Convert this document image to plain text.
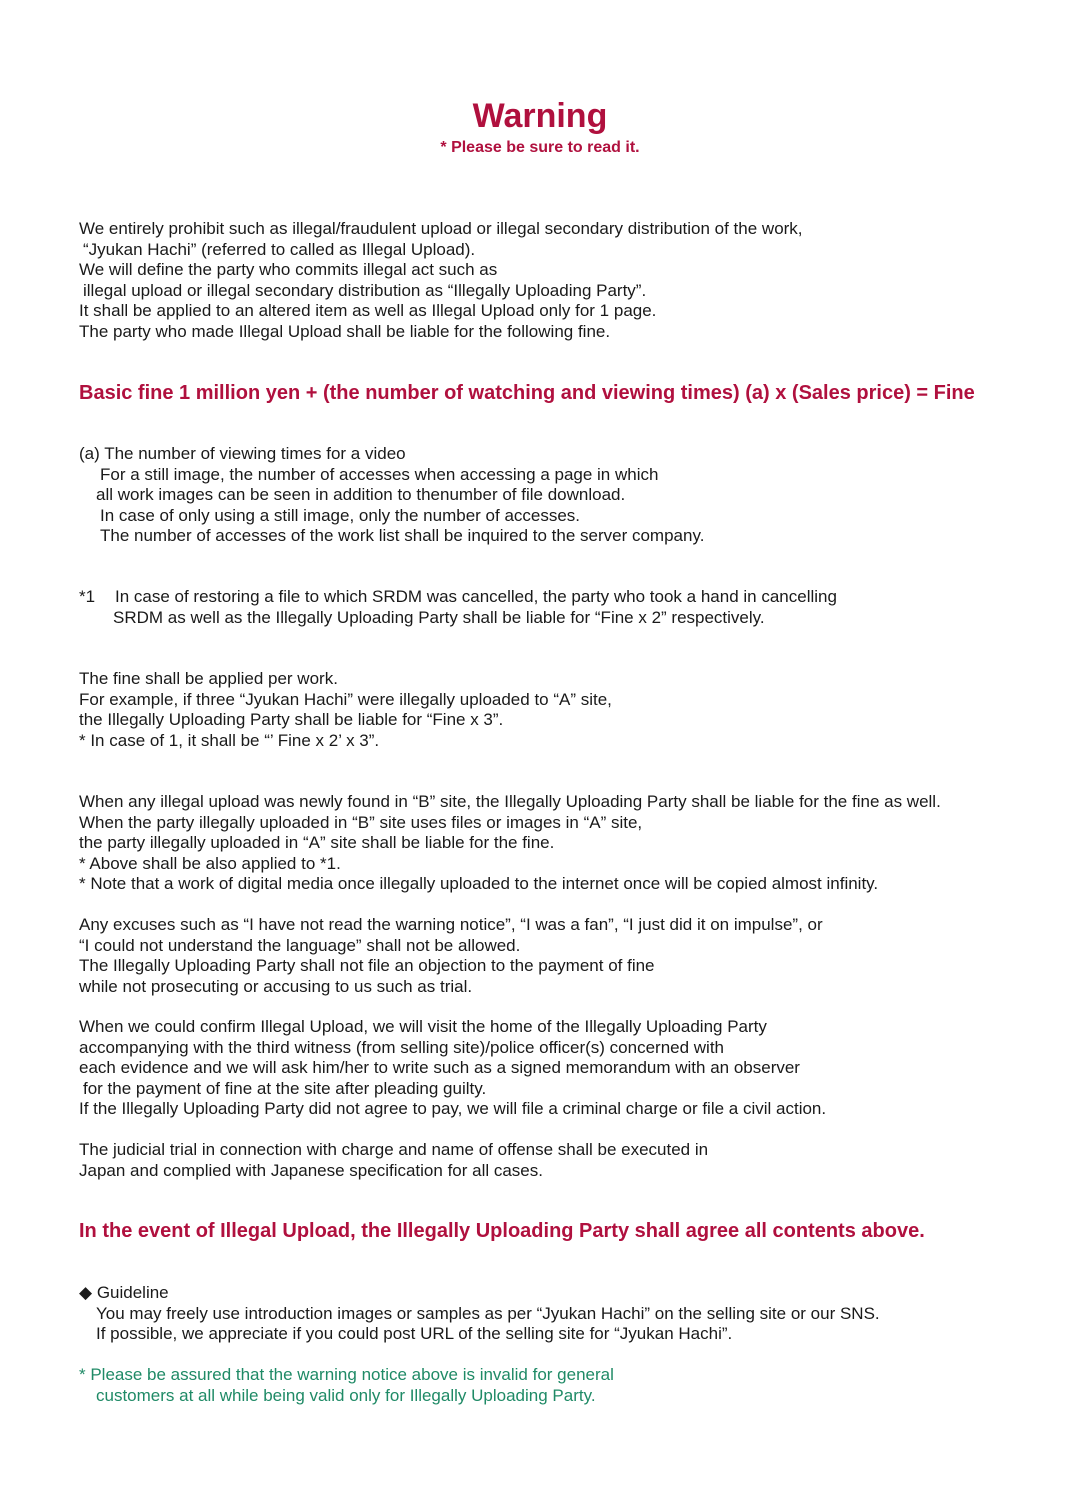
Warning
* Please be sure to read it.
We entirely prohibit such as illegal/fraudulent upload or illegal secondary distribution of the work,
“Jyukan Hachi” (referred to called as Illegal Upload).
We will define the party who commits illegal act such as
illegal upload or illegal secondary distribution as “Illegally Uploading Party”.
It shall be applied to an altered item as well as Illegal Upload only for 1 page.
The party who made Illegal Upload shall be liable for the following fine.
Basic fine 1 million yen + (the number of watching and viewing times) (a) x (Sales price) = Fine
(a) The number of viewing times for a video
For a still image, the number of accesses when accessing a page in which
all work images can be seen in addition to thenumber of file download.
In case of only using a still image, only the number of accesses.
The number of accesses of the work list shall be inquired to the server company.
*1 In case of restoring a file to which SRDM was cancelled, the party who took a hand in cancelling
SRDM as well as the Illegally Uploading Party shall be liable for “Fine x 2” respectively.
The fine shall be applied per work.
For example, if three “Jyukan Hachi” were illegally uploaded to “A” site,
the Illegally Uploading Party shall be liable for “Fine x 3”.
* In case of 1, it shall be “’ Fine x 2’ x 3”.
When any illegal upload was newly found in “B” site, the Illegally Uploading Party shall be liable for the fine as well.
When the party illegally uploaded in “B” site uses files or images in “A” site,
the party illegally uploaded in “A” site shall be liable for the fine.
* Above shall be also applied to *1.
* Note that a work of digital media once illegally uploaded to the internet once will be copied almost infinity.
Any excuses such as “I have not read the warning notice”, “I was a fan”, “I just did it on impulse”, or
“I could not understand the language” shall not be allowed.
The Illegally Uploading Party shall not file an objection to the payment of fine
while not prosecuting or accusing to us such as trial.
When we could confirm Illegal Upload, we will visit the home of the Illegally Uploading Party
accompanying with the third witness (from selling site)/police officer(s) concerned with
each evidence and we will ask him/her to write such as a signed memorandum with an observer
for the payment of fine at the site after pleading guilty.
If the Illegally Uploading Party did not agree to pay, we will file a criminal charge or file a civil action.
The judicial trial in connection with charge and name of offense shall be executed in
Japan and complied with Japanese specification for all cases.
In the event of Illegal Upload, the Illegally Uploading Party shall agree all contents above.
◆ Guideline
You may freely use introduction images or samples as per “Jyukan Hachi” on the selling site or our SNS.
If possible, we appreciate if you could post URL of the selling site for “Jyukan Hachi”.
* Please be assured that the warning notice above is invalid for general
customers at all while being valid only for Illegally Uploading Party.
